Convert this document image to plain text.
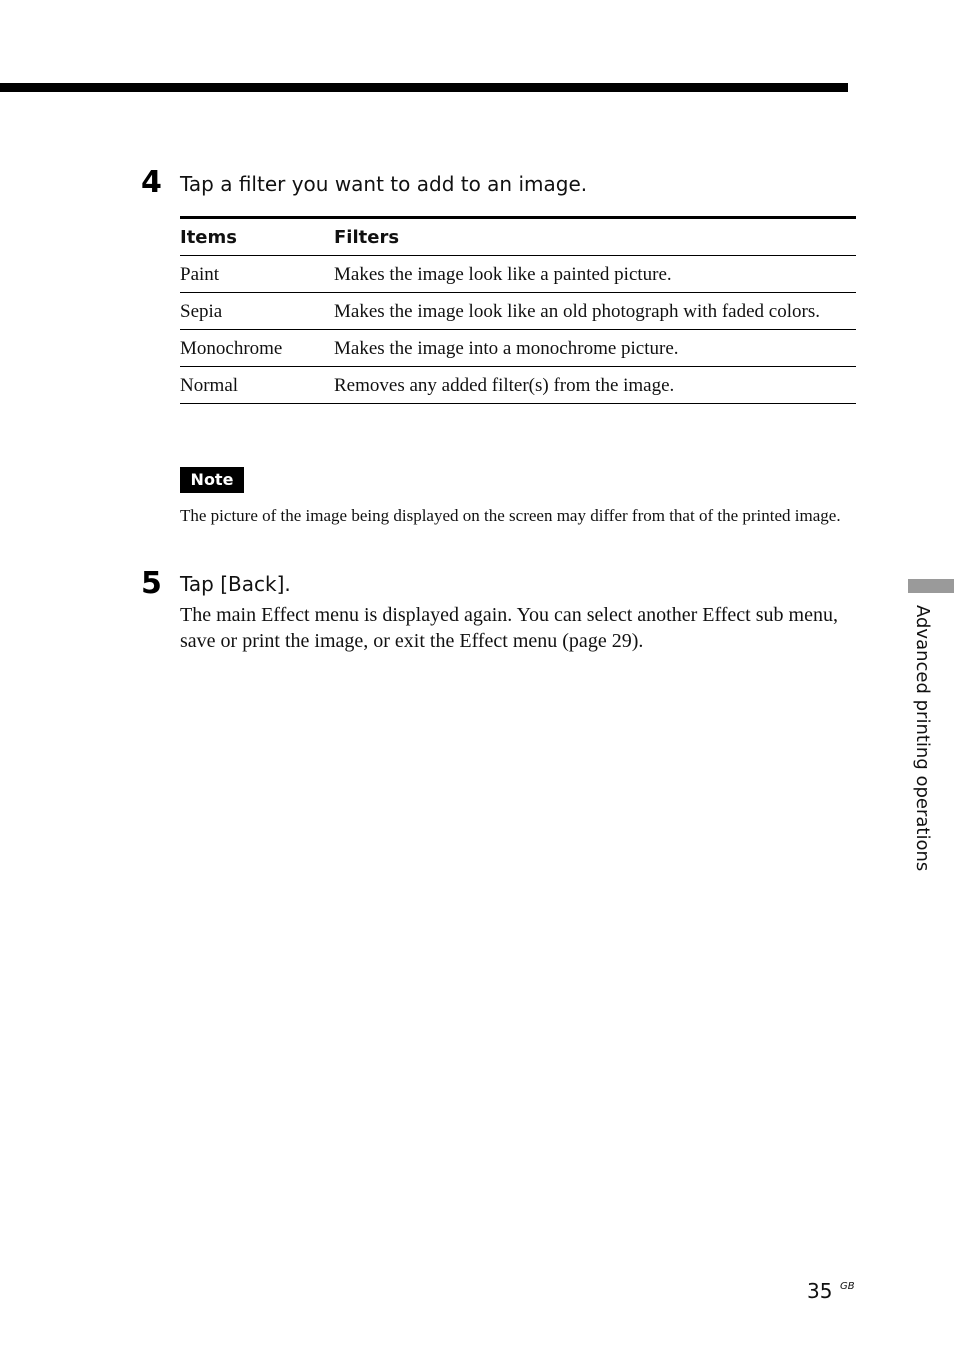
4 Tap a filter you want to add to an image.
Items	Filters
Paint	Makes the image look like a painted picture.
Sepia	Makes the image look like an old photograph with faded colors.
Monochrome	Makes the image into a monochrome picture.
Normal	Removes any added filter(s) from the image.
Note
The picture of the image being displayed on the screen may differ from that of the printed image.
5 Tap [Back].
The main Effect menu is displayed again. You can select another Effect sub menu, save or print the image, or exit the Effect menu (page 29).	Advanced printing operations
35 GB
